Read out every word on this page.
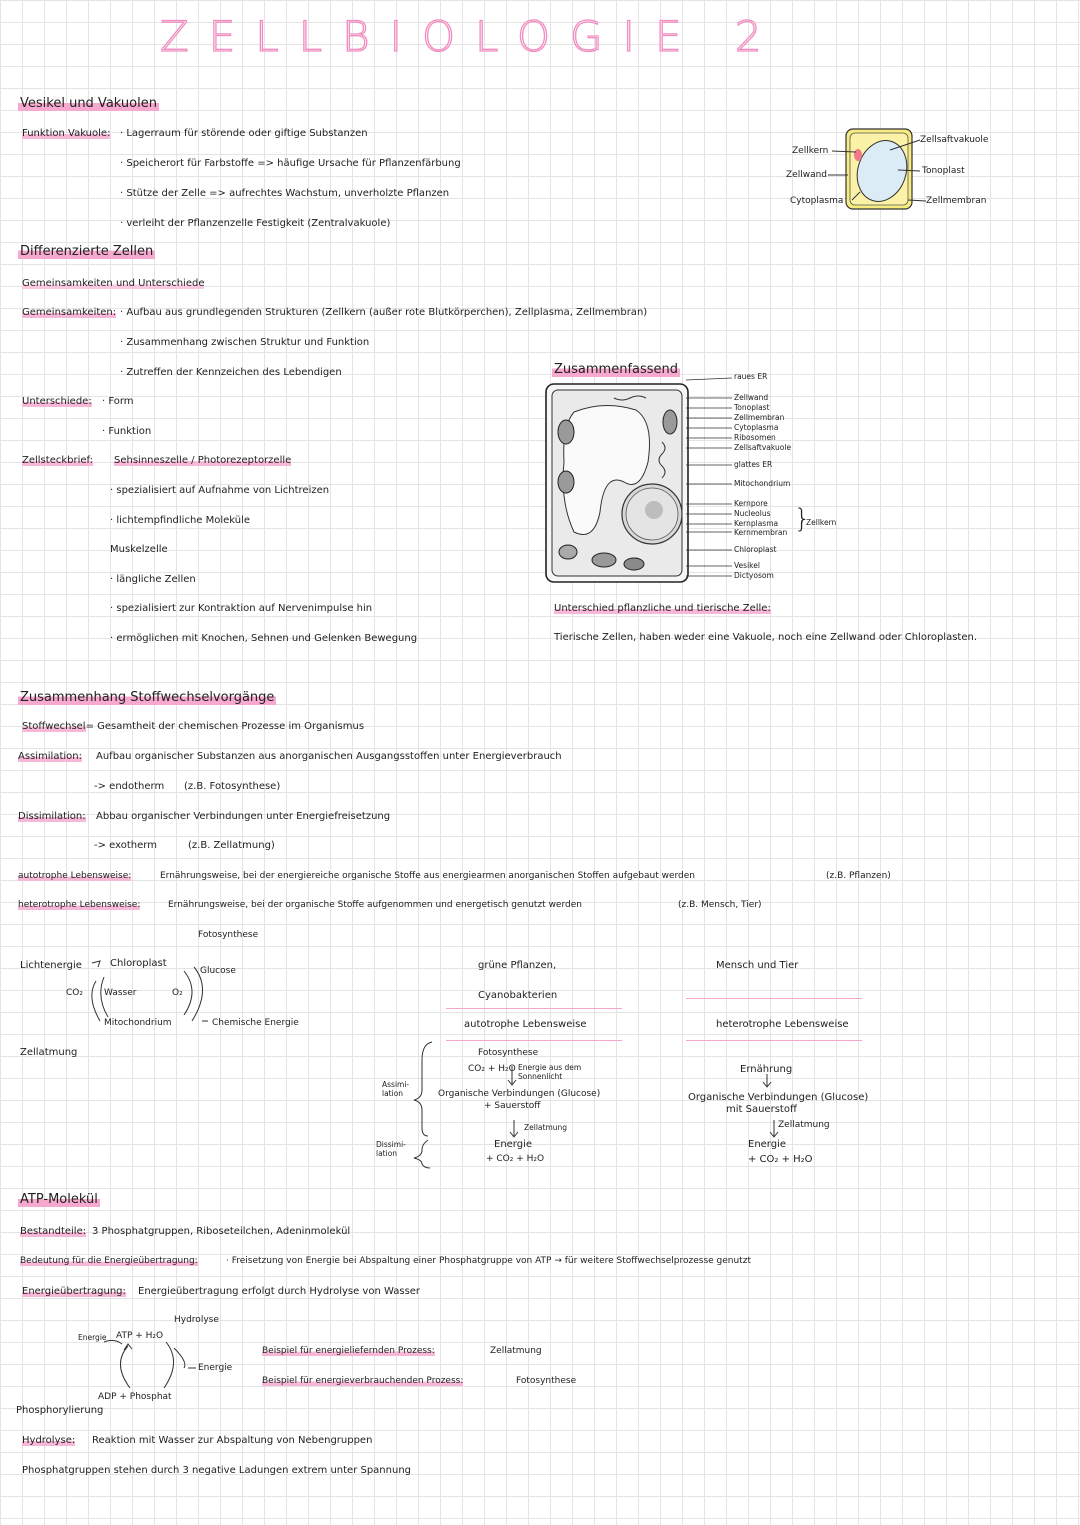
ZELLBIOLOGIE 2
Vesikel und Vakuolen
Funktion Vakuole: · Lagerraum für störende oder giftige Substanzen
· Speicherort für Farbstoffe => häufige Ursache für Pflanzenfärbung
· Stütze der Zelle => aufrechtes Wachstum, unverholzte Pflanzen
· verleiht der Pflanzenzelle Festigkeit (Zentralvakuole)
Zellkern
Zellwand
Cytoplasma
Zellsaftvakuole
Tonoplast
Zellmembran
Differenzierte Zellen
Gemeinsamkeiten und Unterschiede
Gemeinsamkeiten: · Aufbau aus grundlegenden Strukturen (Zellkern (außer rote Blutkörperchen), Zellplasma, Zellmembran)
· Zusammenhang zwischen Struktur und Funktion
· Zutreffen der Kennzeichen des Lebendigen
Unterschiede: · Form
· Funktion
Zellsteckbrief: Sehsinneszelle / Photorezeptorzelle
· spezialisiert auf Aufnahme von Lichtreizen
· lichtempfindliche Moleküle
Muskelzelle
· längliche Zellen
· spezialisiert zur Kontraktion auf Nervenimpulse hin
· ermöglichen mit Knochen, Sehnen und Gelenken Bewegung
Zusammenfassend	raues ER
Zellwand
Tonoplast
Zellmembran
Cytoplasma
Ribosomen
Zellsaftvakuole
glattes ER
Mitochondrium
Kernpore
Nucleolus
Kernplasma
Kernmembran }
Zellkern
Chloroplast
Vesikel
Dictyosom
Unterschied pflanzliche und tierische Zelle:
Tierische Zellen, haben weder eine Vakuole, noch eine Zellwand oder Chloroplasten.
Zusammenhang Stoffwechselvorgänge
Stoffwechsel= Gesamtheit der chemischen Prozesse im Organismus
Assimilation: Aufbau organischer Substanzen aus anorganischen Ausgangsstoffen unter Energieverbrauch
-> endotherm (z.B. Fotosynthese)
Dissimilation: Abbau organischer Verbindungen unter Energiefreisetzung
-> exotherm	(z.B. Zellatmung)
autotrophe Lebensweise:	Ernährungsweise, bei der energiereiche organische Stoffe aus energiearmen anorganischen Stoffen aufgebaut werden	(z.B. Pflanzen)
heterotrophe Lebensweise:	Ernährungsweise, bei der organische Stoffe aufgenommen und energetisch genutzt werden	(z.B. Mensch, Tier)
Fotosynthese
Lichtenergie	Chloroplast
Glucose
CO₂ Wasser	O₂
Mitochondrium	Chemische Energie
Zellatmung
grüne Pflanzen,
Cyanobakterien
autotrophe Lebensweise
Mensch und Tier
heterotrophe Lebensweise
Assimi-
lation
Dissimi-
lation
Fotosynthese
CO₂ + H₂O Energie aus dem Sonnenlicht
Organische Verbindungen (Glucose)
+ Sauerstoff
Zellatmung
Energie
+ CO₂ + H₂O
Ernährung
Organische Verbindungen (Glucose)
mit Sauerstoff
Zellatmung
Energie
+ CO₂ + H₂O
ATP-Molekül
Bestandteile: 3 Phosphatgruppen, Riboseteilchen, Adeninmolekül
Bedeutung für die Energieübertragung:	· Freisetzung von Energie bei Abspaltung einer Phosphatgruppe von ATP → für weitere Stoffwechselprozesse genutzt
Energieübertragung: Energieübertragung erfolgt durch Hydrolyse von Wasser
Hydrolyse
Energie ATP + H₂O
Energie
ADP + Phosphat
Phosphorylierung
Beispiel für energieliefernden Prozess:	Zellatmung
Beispiel für energieverbrauchenden Prozess:	Fotosynthese
Hydrolyse: Reaktion mit Wasser zur Abspaltung von Nebengruppen
Phosphatgruppen stehen durch 3 negative Ladungen extrem unter Spannung
